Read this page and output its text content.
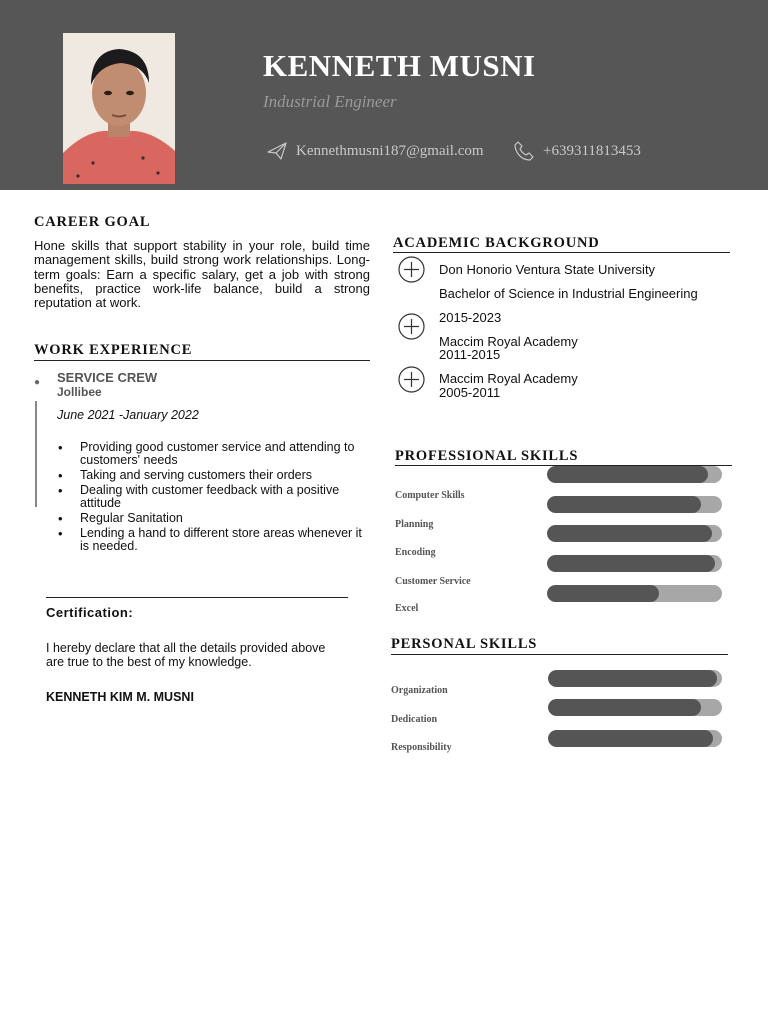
KENNETH MUSNI
Industrial Engineer
Kennethmusni187@gmail.com	+639311813453
CAREER GOAL
Hone skills that support stability in your role, build time management skills, build strong work relationships. Long-term goals: Earn a specific salary, get a job with strong benefits, practice work-life balance, build a strong reputation at work.
WORK EXPERIENCE
● SERVICE CREW
Jollibee
June 2021 -January 2022
• Providing good customer service and attending to customers' needs
• Taking and serving customers their orders
• Dealing with customer feedback with a positive attitude
• Regular Sanitation
• Lending a hand to different store areas whenever it is needed.
Certification:
I hereby declare that all the details provided above are true to the best of my knowledge.
KENNETH KIM M. MUSNI
ACADEMIC BACKGROUND
Don Honorio Ventura State University
Bachelor of Science in Industrial Engineering
2015-2023
Maccim Royal Academy
2011-2015
Maccim Royal Academy
2005-2011
PROFESSIONAL SKILLS
Computer Skills
Planning
Encoding
Customer Service
Excel
PERSONAL SKILLS
Organization
Dedication
Responsibility
